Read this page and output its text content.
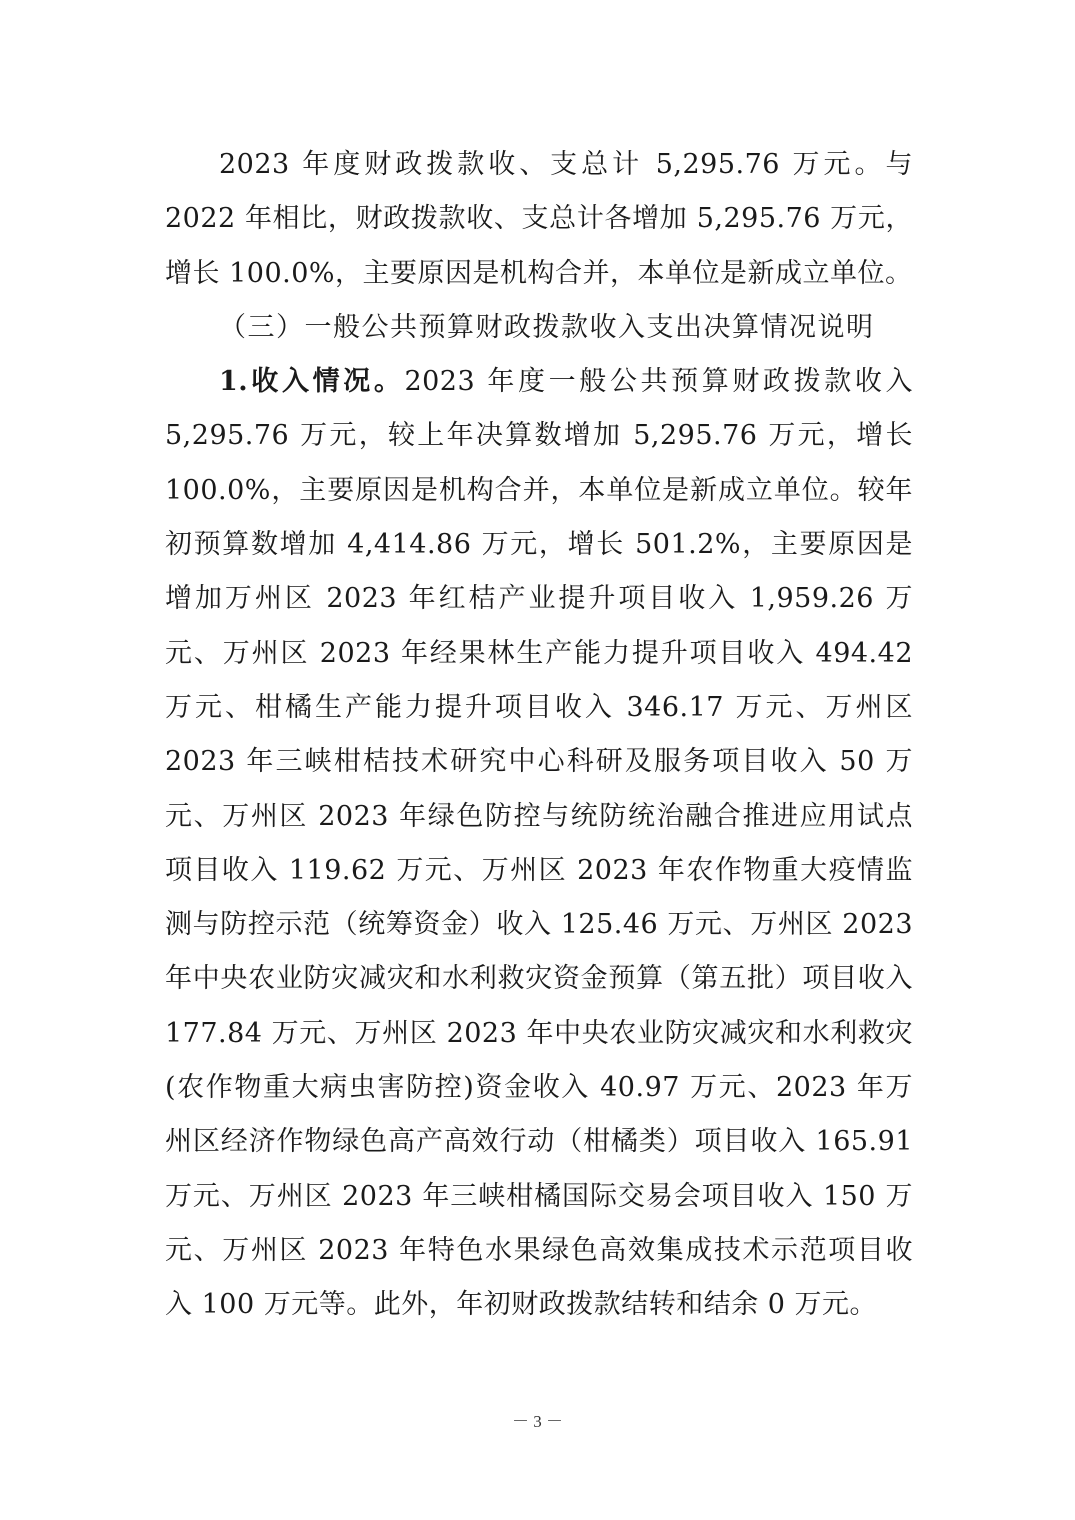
2023 年度财政拨款收、支总计 5,295.76 万元。与 2022 年相比，财政拨款收、支总计各增加 5,295.76 万元，增长 100.0%，主要原因是机构合并，本单位是新成立单位。

（三）一般公共预算财政拨款收入支出决算情况说明

1.收入情况。2023 年度一般公共预算财政拨款收入 5,295.76 万元，较上年决算数增加 5,295.76 万元，增长 100.0%，主要原因是机构合并，本单位是新成立单位。较年初预算数增加 4,414.86 万元，增长 501.2%，主要原因是增加万州区 2023 年红桔产业提升项目收入 1,959.26 万元、万州区 2023 年经果林生产能力提升项目收入 494.42 万元、柑橘生产能力提升项目收入 346.17 万元、万州区 2023 年三峡柑桔技术研究中心科研及服务项目收入 50 万元、万州区 2023 年绿色防控与统防统治融合推进应用试点项目收入 119.62 万元、万州区 2023 年农作物重大疫情监测与防控示范（统筹资金）收入 125.46 万元、万州区 2023 年中央农业防灾减灾和水利救灾资金预算（第五批）项目收入 177.84 万元、万州区 2023 年中央农业防灾减灾和水利救灾(农作物重大病虫害防控)资金收入 40.97 万元、2023 年万州区经济作物绿色高产高效行动（柑橘类）项目收入 165.91 万元、万州区 2023 年三峡柑橘国际交易会项目收入 150 万元、万州区 2023 年特色水果绿色高效集成技术示范项目收入 100 万元等。此外，年初财政拨款结转和结余 0 万元。

－ 3 －
